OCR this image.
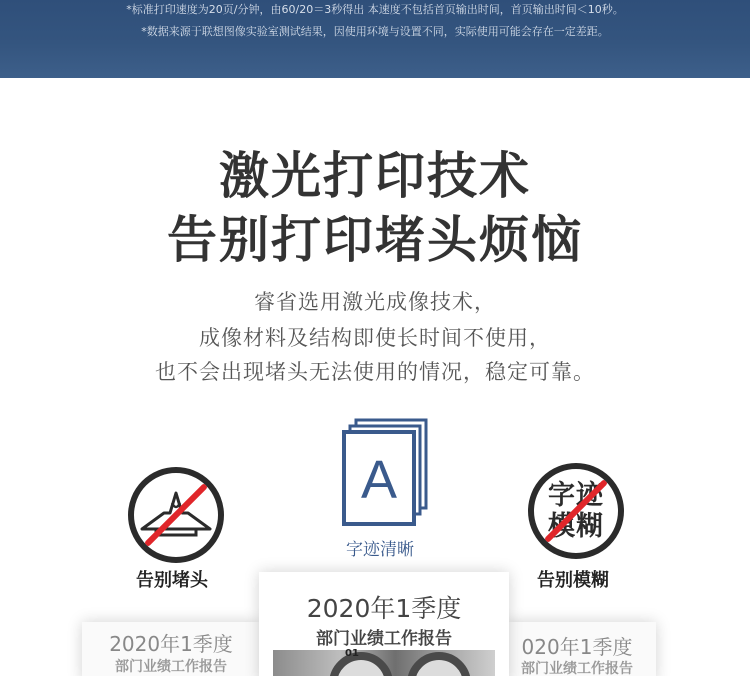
*标准打印速度为20页/分钟，由60/20＝3秒得出 本速度不包括首页输出时间，首页输出时间＜10秒。
*数据来源于联想图像实验室测试结果，因使用环境与设置不同，实际使用可能会存在一定差距。
激光打印技术
告别打印堵头烦恼
睿省选用激光成像技术，
成像材料及结构即使长时间不使用，
也不会出现堵头无法使用的情况，稳定可靠。
告别堵头
A
字迹清晰
字迹
模糊
告别模糊
2020年1季度
部门业绩工作报告
020年1季度
部门业绩工作报告
2020年1季度
部门业绩工作报告
01
